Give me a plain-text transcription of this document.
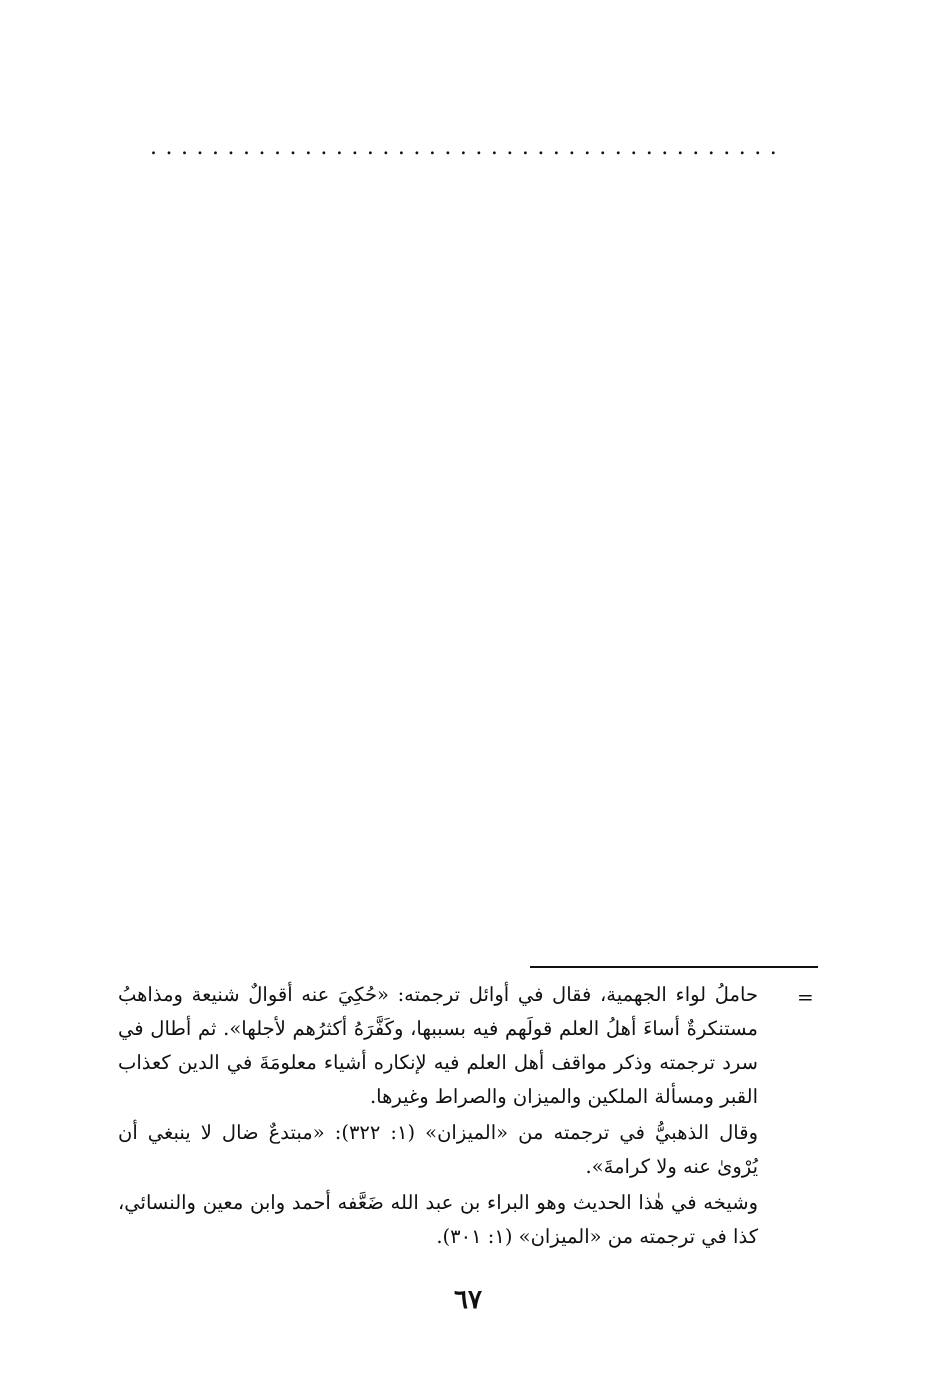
.........................................
=

حاملُ لواء الجهمية، فقال في أوائل ترجمته: «حُكِيَ عنه أقوالٌ شنيعة ومذاهبُ مستنكرةٌ أساءَ أهلُ العلم قولَهم فيه بسببها، وكَفَّرَهُ أكثرُهم لأجلها». ثم أطال في سرد ترجمته وذكر مواقف أهل العلم فيه لإنكاره أشياء معلومَةَ في الدين كعذاب القبر ومسألة الملكين والميزان والصراط وغيرها.

وقال الذهبيُّ في ترجمته من «الميزان» (١: ٣٢٢): «مبتدعٌ ضال لا ينبغي أن يُرْوىٰ عنه ولا كرامةَ».

وشيخه في هٰذا الحديث وهو البراء بن عبد الله ضَعَّفه أحمد وابن معين والنسائي، كذا في ترجمته من «الميزان» (١: ٣٠١).

٦٧
